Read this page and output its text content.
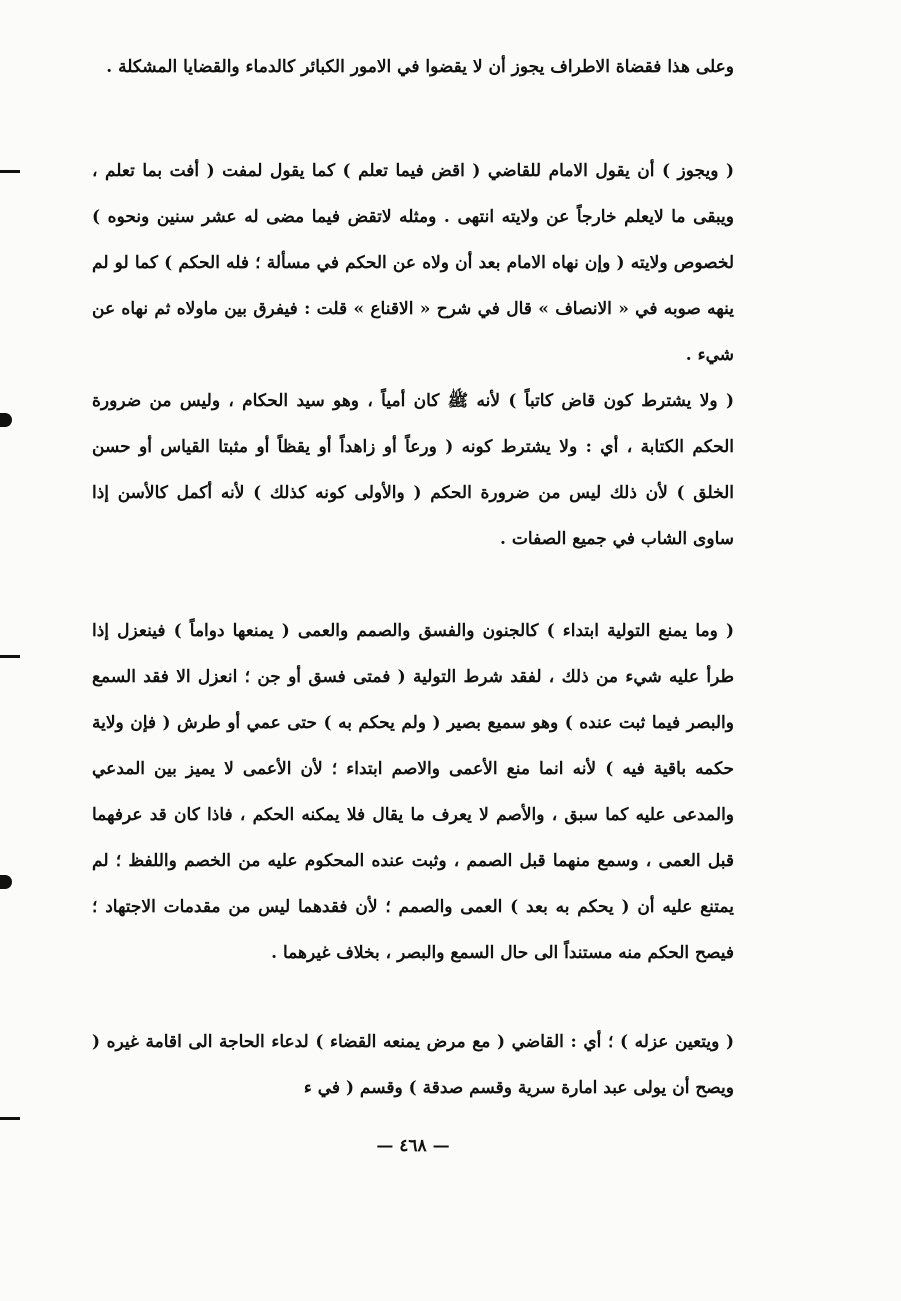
وعلى هذا فقضاة الاطراف يجوز أن لا يقضوا في الامور الكبائر كالدماء والقضايا المشكلة .

( ويجوز ) أن يقول الامام للقاضي ( اقض فيما تعلم ) كما يقول لمفت ( أفت بما تعلم ، ويبقى ما لايعلم خارجاً عن ولايته انتهى . ومثله لاتقض فيما مضى له عشر سنين ونحوه ) لخصوص ولايته ( وإن نهاه الامام بعد أن ولاه عن الحكم في مسألة ؛ فله الحكم ) كما لو لم ينهه صوبه في « الانصاف » قال في شرح « الاقناع » قلت : فيفرق بين ماولاه ثم نهاه عن شيء .

( ولا يشترط كون قاض كاتباً ) لأنه ﷺ كان أمياً ، وهو سيد الحكام ، وليس من ضرورة الحكم الكتابة ، أي : ولا يشترط كونه ( ورعاً أو زاهداً أو يقظاً أو مثبتا القياس أو حسن الخلق ) لأن ذلك ليس من ضرورة الحكم ( والأولى كونه كذلك ) لأنه أكمل كالأسن إذا ساوى الشاب في جميع الصفات .

( وما يمنع التولية ابتداء ) كالجنون والفسق والصمم والعمى ( يمنعها دواماً ) فينعزل إذا طرأ عليه شيء من ذلك ، لفقد شرط التولية ( فمتى فسق أو جن ؛ انعزل الا فقد السمع والبصر فيما ثبت عنده ) وهو سميع بصير ( ولم يحكم به ) حتى عمي أو طرش ( فإن ولاية حكمه باقية فيه ) لأنه انما منع الأعمى والاصم ابتداء ؛ لأن الأعمى لا يميز بين المدعي والمدعى عليه كما سبق ، والأصم لا يعرف ما يقال فلا يمكنه الحكم ، فاذا كان قد عرفهما قبل العمى ، وسمع منهما قبل الصمم ، وثبت عنده المحكوم عليه من الخصم واللفظ ؛ لم يمتنع عليه أن ( يحكم به بعد ) العمى والصمم ؛ لأن فقدهما ليس من مقدمات الاجتهاد ؛ فيصح الحكم منه مستنداً الى حال السمع والبصر ، بخلاف غيرهما .

( ويتعين عزله ) ؛ أي : القاضي ( مع مرض يمنعه القضاء ) لدعاء الحاجة الى اقامة غيره ( ويصح أن يولى عبد امارة سرية وقسم صدقة ) وقسم ( في ء

— ٤٦٨ —
